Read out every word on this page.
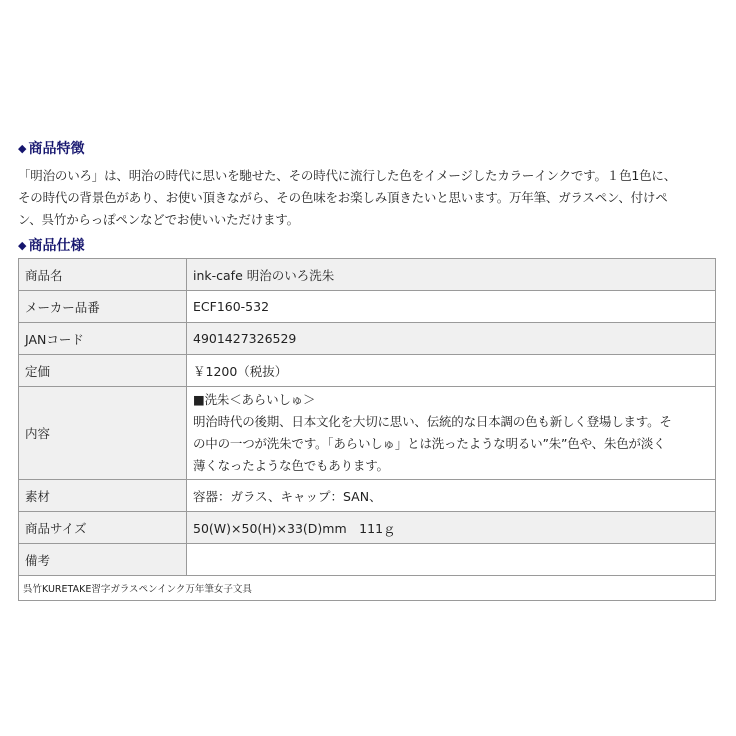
◆ 商品特徴

「明治のいろ」は、明治の時代に思いを馳せた、その時代に流行した色をイメージしたカラーインクです。１色1色に、

その時代の背景色があり、お使い頂きながら、その色味をお楽しみ頂きたいと思います。万年筆、ガラスペン、付けペ

ン、呉竹からっぽペンなどでお使いいただけます。

◆ 商品仕様
商品名	ink-cafe 明治のいろ洗朱
メーカー品番	ECF160-532
JANコード	4901427326529
定価	￥1200（税抜）
内容	■洗朱＜あらいしゅ＞
明治時代の後期、日本文化を大切に思い、伝統的な日本調の色も新しく登場します。そ
の中の一つが洗朱です。「あらいしゅ」とは洗ったような明るい”朱”色や、朱色が淡く
薄くなったような色でもあります。

素材	容器：ガラス、キャップ：SAN、
商品サイズ	50(W)×50(H)×33(D)mm　111ｇ
備考	
呉竹KURETAKE習字ガラスペンインク万年筆女子文具	
